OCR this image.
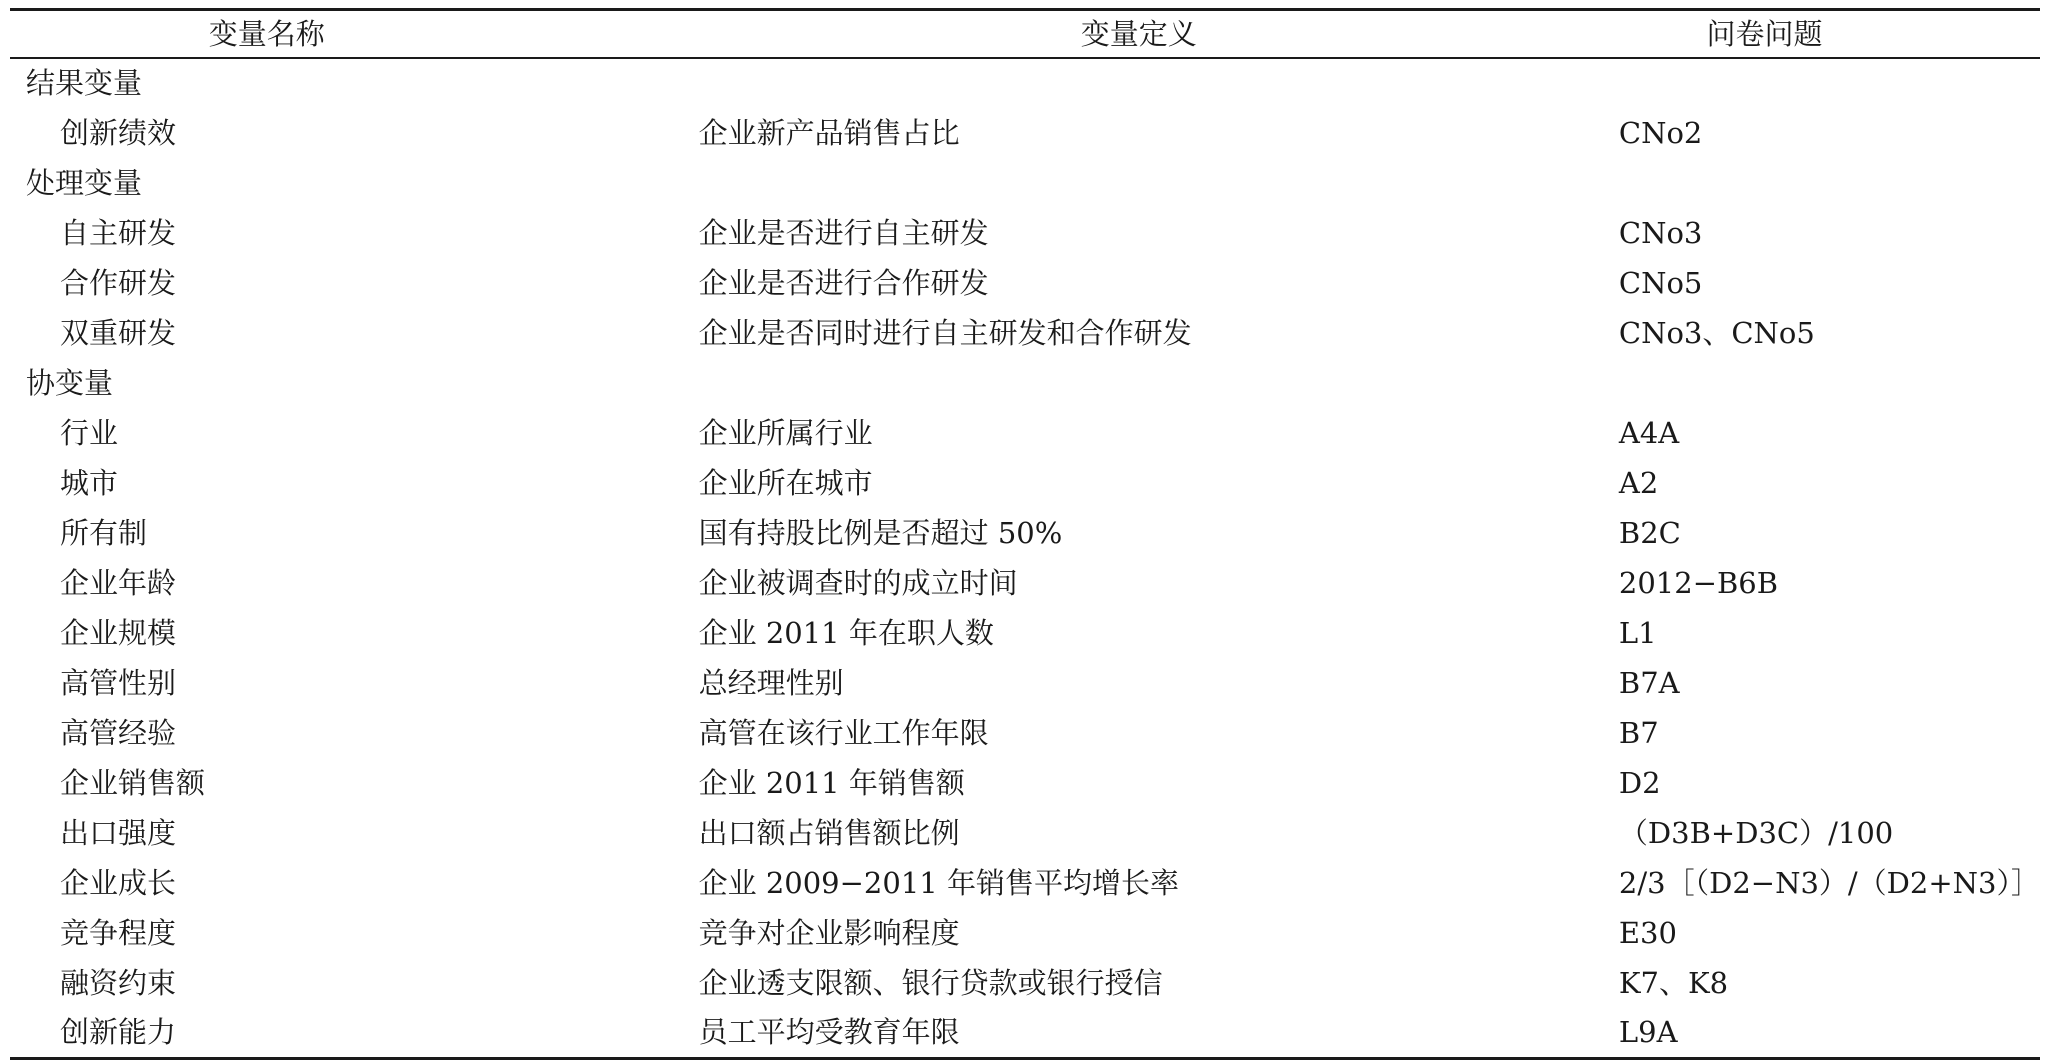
变量名称	变量定义	问卷问题
结果变量		
创新绩效	企业新产品销售占比	CNo2
处理变量		
自主研发	企业是否进行自主研发	CNo3
合作研发	企业是否进行合作研发	CNo5
双重研发	企业是否同时进行自主研发和合作研发	CNo3、CNo5
协变量		
行业	企业所属行业	A4A
城市	企业所在城市	A2
所有制	国有持股比例是否超过 50%	B2C
企业年龄	企业被调查时的成立时间	2012−B6B
企业规模	企业 2011 年在职人数	L1
高管性别	总经理性别	B7A
高管经验	高管在该行业工作年限	B7
企业销售额	企业 2011 年销售额	D2
出口强度	出口额占销售额比例	（D3B+D3C）/100
企业成长	企业 2009−2011 年销售平均增长率	2/3［（D2−N3）/（D2+N3）］
竞争程度	竞争对企业影响程度	E30
融资约束	企业透支限额、银行贷款或银行授信	K7、K8
创新能力	员工平均受教育年限	L9A
